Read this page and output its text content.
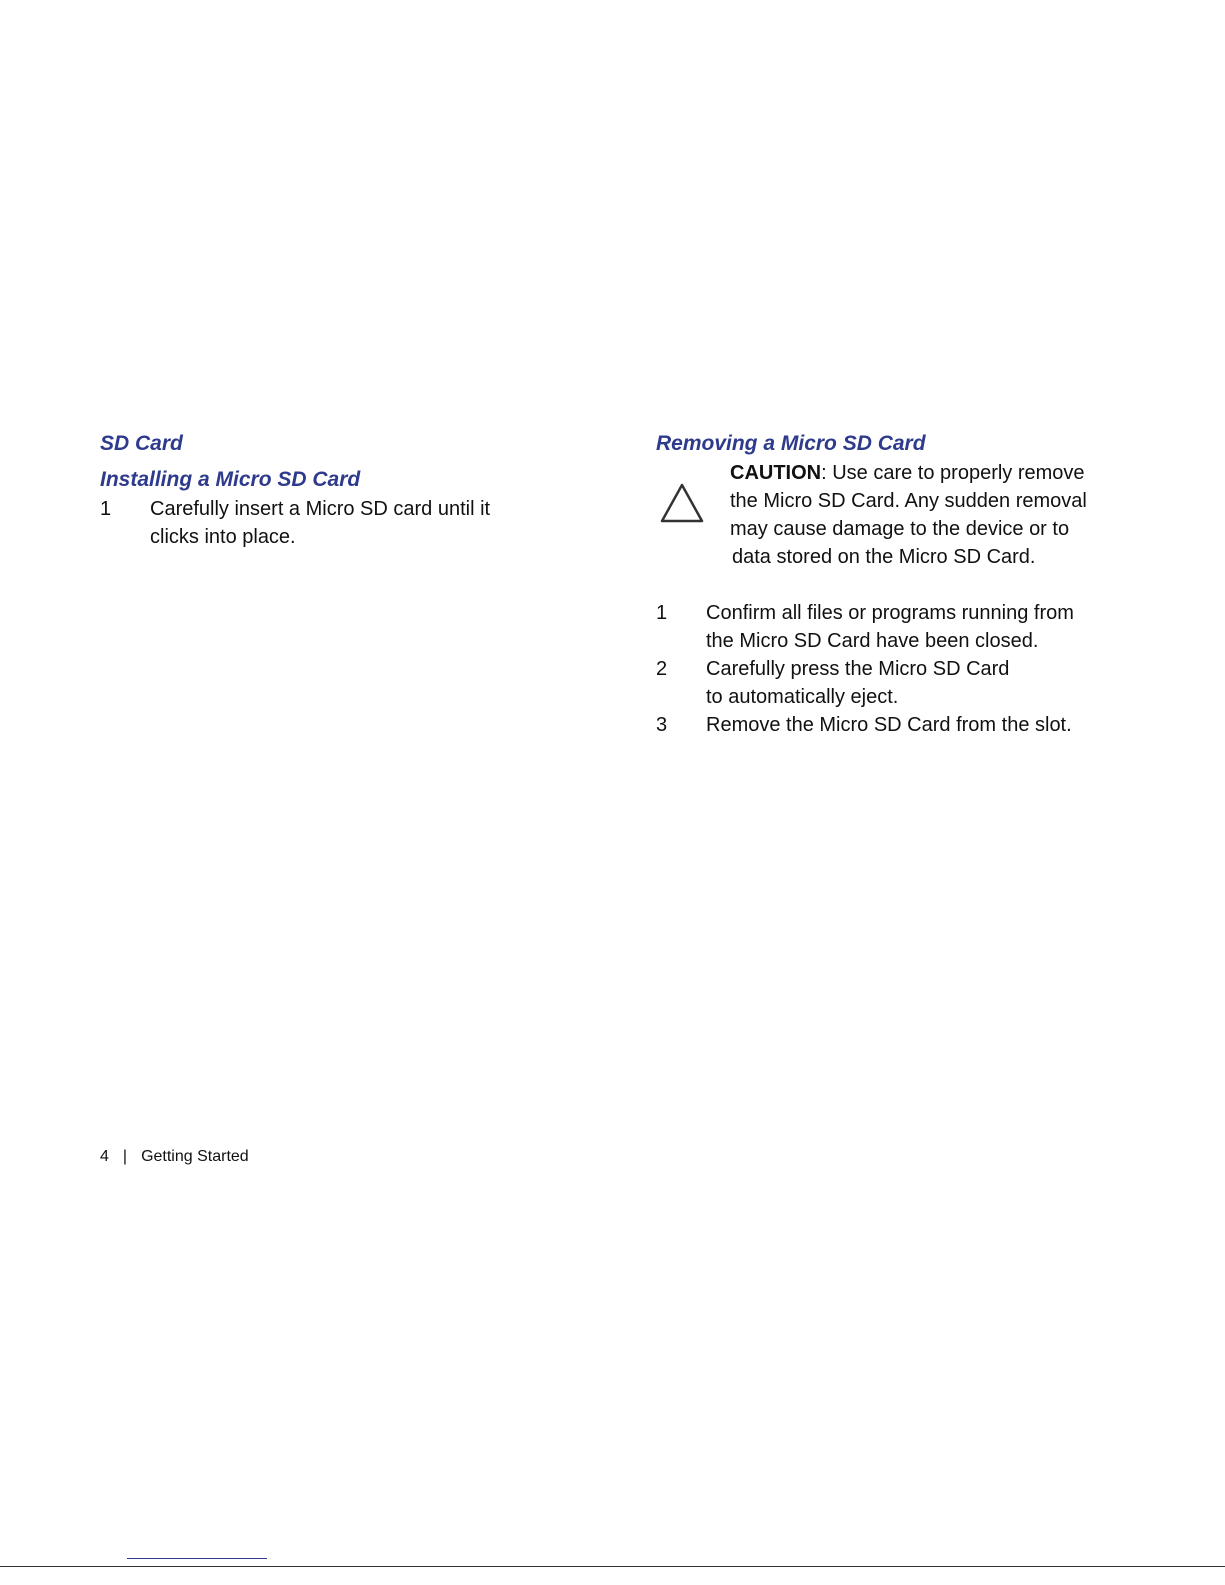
SD Card
Installing a Micro SD Card
1 Carefully insert a Micro SD card until it
clicks into place.
Removing a Micro SD Card
CAUTION: Use care to properly remove
the Micro SD Card. Any sudden removal
may cause damage to the device or to
data stored on the Micro SD Card.
1 Confirm all files or programs running from
the Micro SD Card have been closed.
2 Carefully press the Micro SD Card
to automatically eject.
3 Remove the Micro SD Card from the slot.
4 | Getting Started
